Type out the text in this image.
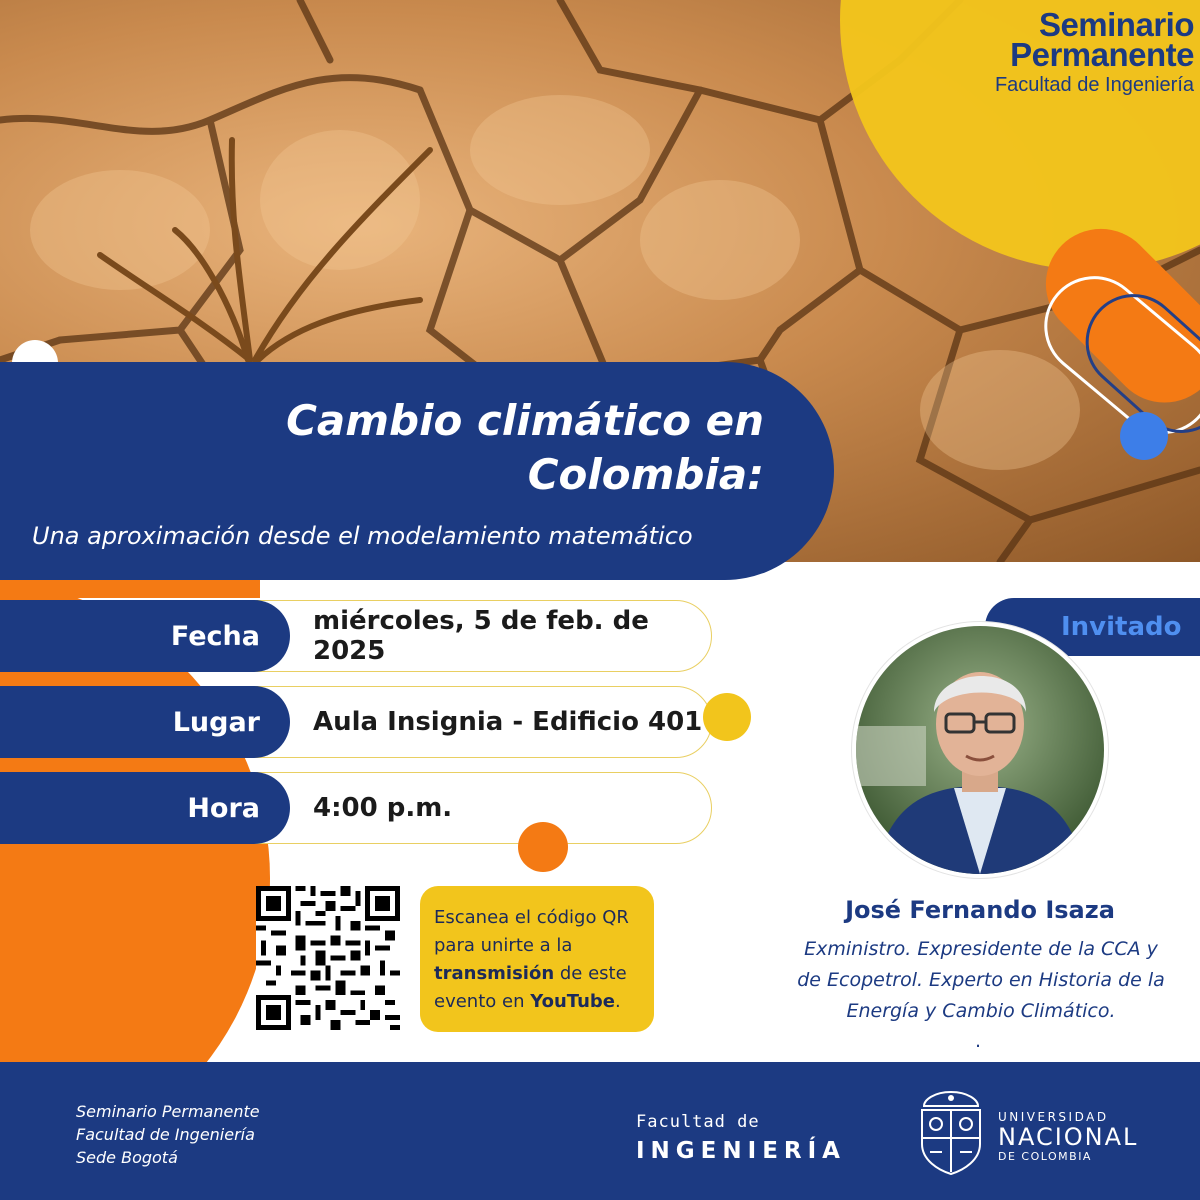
Seminario
Permanente
Facultad de Ingeniería
Cambio climático en Colombia:
Una aproximación desde el modelamiento matemático
Fecha	miércoles, 5 de feb. de 2025
Lugar	Aula Insignia - Edificio 401
Hora	4:00 p.m.
Escanea el código QR para unirte a la transmisión de este evento en YouTube.
Invitado
José Fernando Isaza
Exministro. Expresidente de la CCA y de Ecopetrol. Experto en Historia de la Energía y Cambio Climático.
.
Seminario Permanente
Facultad de Ingeniería
Sede Bogotá
Facultad de
INGENIERÍA
UNIVERSIDAD
NACIONAL
DE COLOMBIA
